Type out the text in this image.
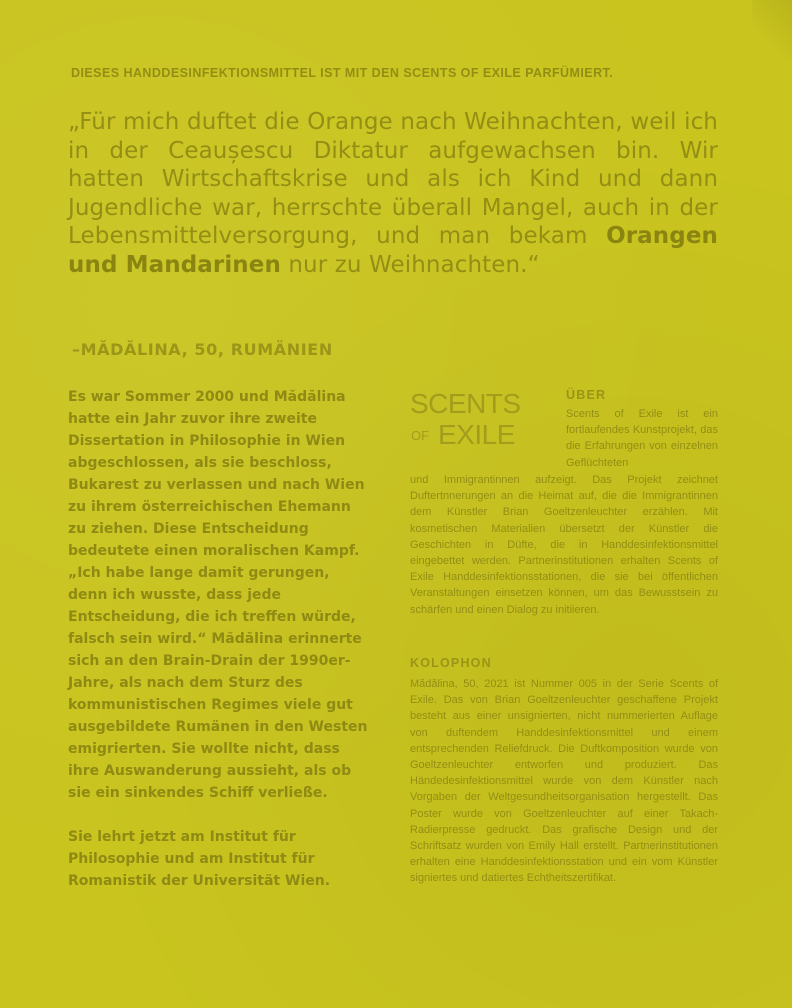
DIESES HANDDESINFEKTIONSMITTEL IST MIT DEN SCENTS OF EXILE PARFÜMIERT.
„Für mich duftet die Orange nach Weihnachten, weil ich in der Ceaușescu Diktatur aufgewachsen bin. Wir hatten Wirtschaftskrise und als ich Kind und dann Jugendliche war, herrschte überall Mangel, auch in der Lebensmittelversorgung, und man bekam Orangen und Mandarinen nur zu Weihnachten.“
–MĂDĂLINA, 50, RUMÄNIEN

Es war Sommer 2000 und Mădălina hatte ein Jahr zuvor ihre zweite Dissertation in Philosophie in Wien abgeschlossen, als sie beschloss, Bukarest zu verlassen und nach Wien zu ihrem österreichischen Ehemann zu ziehen. Diese Entscheidung bedeutete einen moralischen Kampf. „Ich habe lange damit gerungen, denn ich wusste, dass jede Entscheidung, die ich treffen würde, falsch sein wird.“ Mădălina erinnerte sich an den Brain-Drain der 1990er-Jahre, als nach dem Sturz des kommunistischen Regimes viele gut ausgebildete Rumänen in den Westen emigrierten. Sie wollte nicht, dass ihre Auswanderung aussieht, als ob sie ein sinkendes Schiff verließe.

Sie lehrt jetzt am Institut für Philosophie und am Institut für Romanistik der Universität Wien.

SCENTS
OF EXILE
ÜBER
Scents of Exile ist ein fortlaufendes Kunstprojekt, das die Erfahrungen von einzelnen Geflüchteten
und Immigrantinnen aufzeigt. Das Projekt zeichnet Duftertnnerungen an die Heimat auf, die die Immigrantinnen dem Künstler Brian Goeltzenleuchter erzählen. Mit kosmetischen Materialien übersetzt der Künstler die Geschichten in Düfte, die in Handdesinfektionsmittel eingebettet werden. Partnerinstitutionen erhalten Scents of Exile Handdesinfektionsstationen, die sie bei öffentlichen Veranstaltungen einsetzen können, um das Bewusstsein zu schärfen und einen Dialog zu initiieren.
KOLOPHON
Mădălina, 50, 2021 ist Nummer 005 in der Serie Scents of Exile. Das von Brian Goeltzenleuchter geschaffene Projekt besteht aus einer unsignierten, nicht nummerierten Auflage von duftendem Handdesinfektionsmittel und einem entsprechenden Reliefdruck. Die Duftkomposition wurde von Goeltzenleuchter entworfen und produziert. Das Händedesinfektionsmittel wurde von dem Künstler nach Vorgaben der Weltgesundheitsorganisation hergestellt. Das Poster wurde von Goeltzenleuchter auf einer Takach-Radierpresse gedruckt. Das grafische Design und der Schriftsatz wurden von Emily Hall erstellt. Partnerinstitutionen erhalten eine Handdesinfektionsstation und ein vom Künstler signiertes und datiertes Echtheitszertifikat.
